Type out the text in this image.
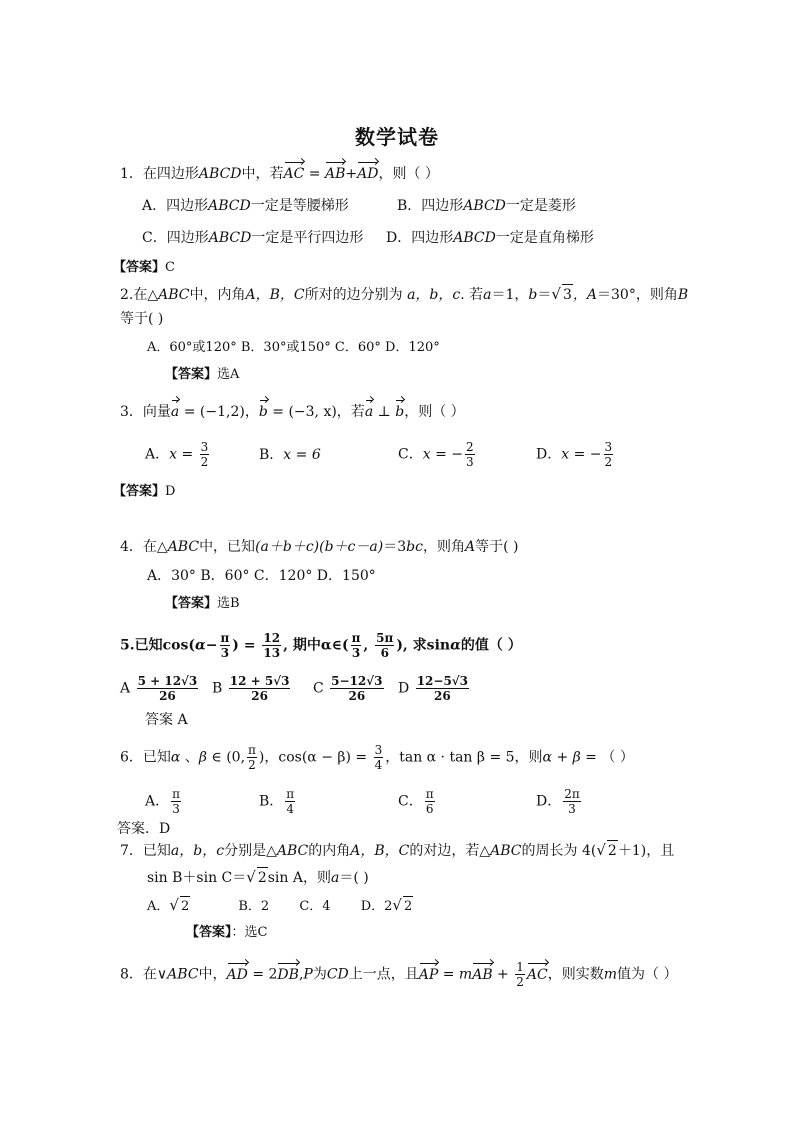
数学试卷
1．在四边形ABCD中，若AC = AB+AD，则（ ）
A．四边形ABCD一定是等腰梯形	B．四边形ABCD一定是菱形
C．四边形ABCD一定是平行四边形 D．四边形ABCD一定是直角梯形
【答案】C
2.在△ABC中，内角A，B，C所对的边分别为 a，b，c. 若a＝1，b＝√ 3，A＝30°，则角B
等于( )
A．60°或120° B．30°或150° C．60° D．120°
【答案】选A
3．向量a = (−1,2)，b = (−3, x)，若a ⊥ b，则（ ）
A．$x = \frac{3}{2}$	B．x = 6	C．x = − $\frac{2}{3}$	D．x = − $\frac{3}{2}$
【答案】D
4．在△ABC中，已知(a＋b＋c)(b＋c－a)＝3bc，则角A等于( )
A．30° B．60° C．120° D．150°
【答案】选B
5.已知$\cos(\alpha- \frac{\pi}{3}$ ) = $\frac{12}{13}$ , 期中α∈( $\frac{\pi}{3}$ , $\frac{5\pi}{6}$ ), 求sinα的值（ ）
A $\frac{5 + 12√3}{26}$ B $\frac{12 + 5√3}{26}$ C $\frac{5-12√3}{26}$ D $\frac{12-5√3}{26}$
答案 A
6．已知α 、β ∈ (0, $\frac{\pi}{2}$ )，$\cos(\alpha - \beta) = \frac{3}{4}$ ，tan α · tan β = 5，则α + β = （ ）
A． $\frac{\pi}{3}$	B． $\frac{\pi}{4}$	C． $\frac{\pi}{6}$	D． $\frac{2\pi}{3}$
答案．D
7．已知a，b，c分别是△ABC的内角A，B，C的对边，若△ABC的周长为 4(√ 2＋1)，且
sin B＋sin C＝√ 2sin A，则a＝( )
A．√ 2	B．2 C．4 D．2√ 2
【答案】：选C
8．在∨ABC中，AD = 2DB,P为CD上一点，且AP = mAB + $\frac{1}{2}$ AC，则实数m值为（ ）
